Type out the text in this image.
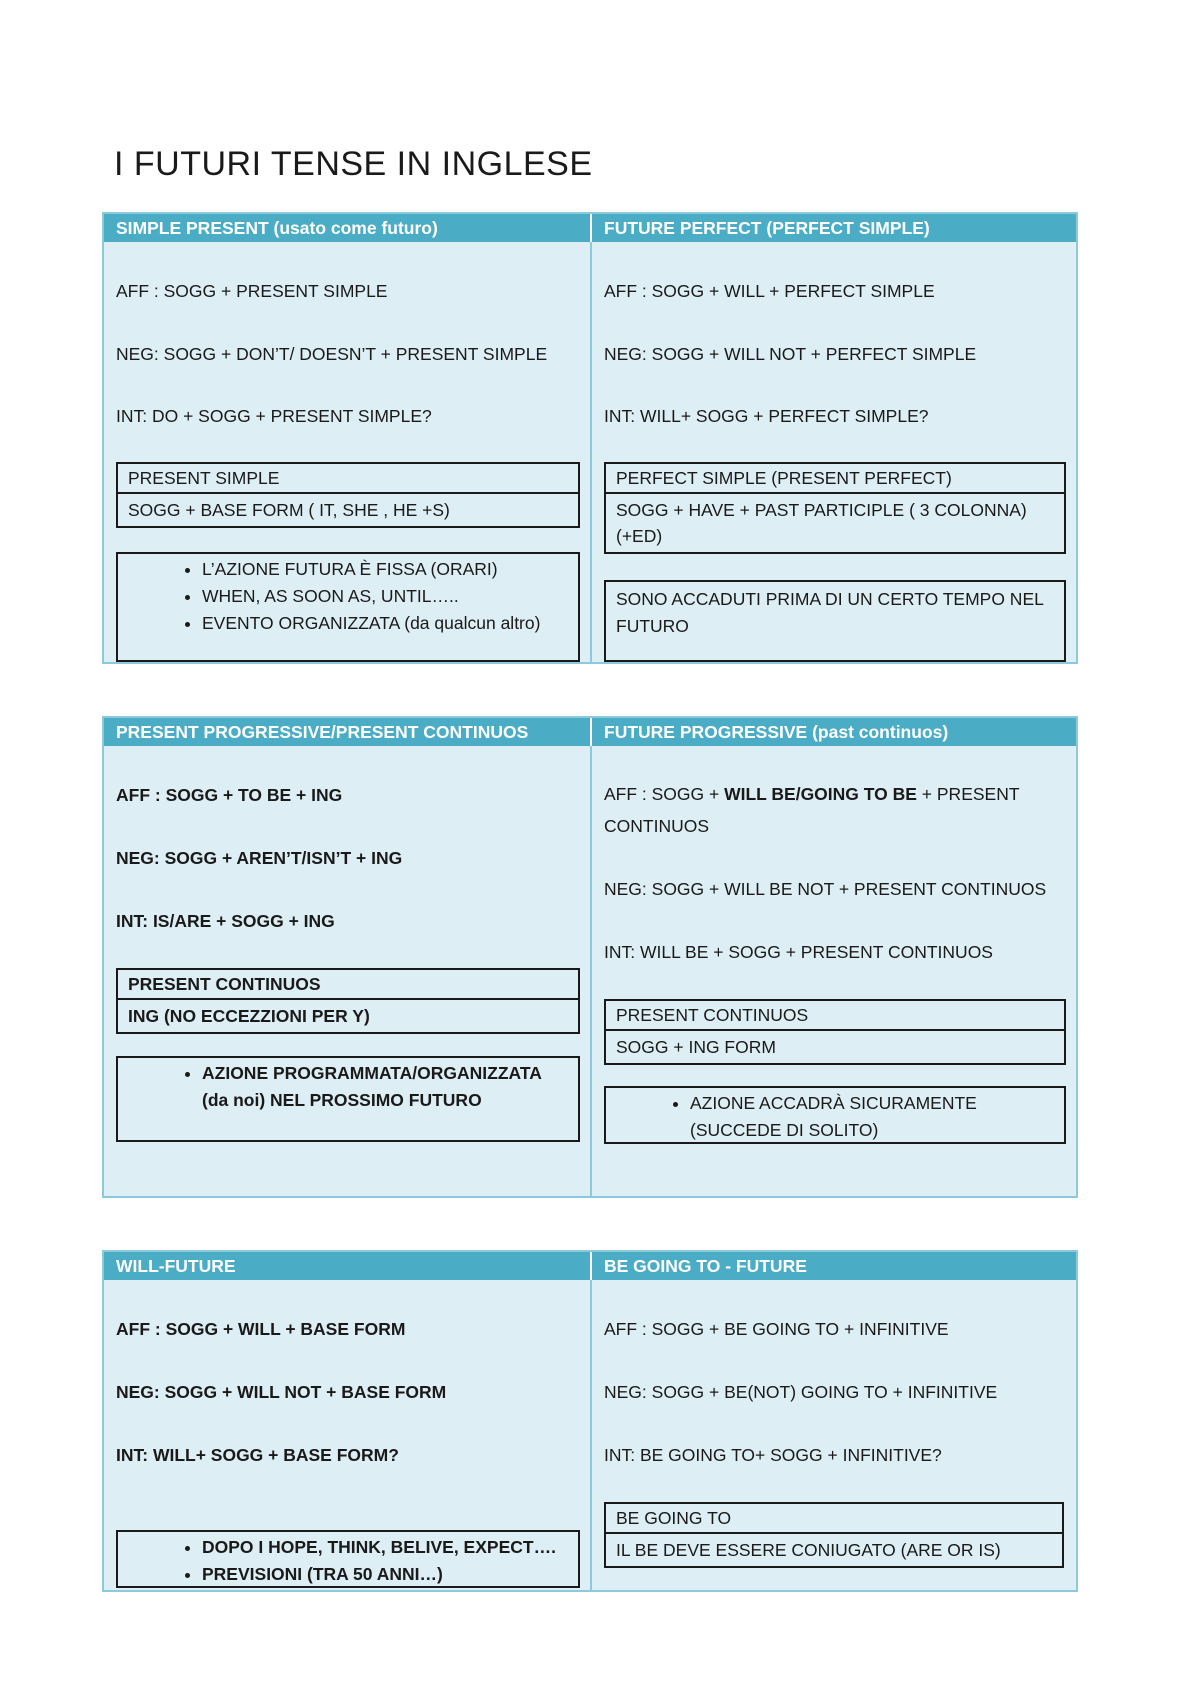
I FUTURI TENSE IN INGLESE
SIMPLE PRESENT (usato come futuro)	FUTURE PERFECT (PERFECT SIMPLE)
AFF : SOGG + PRESENT SIMPLE
NEG: SOGG + DON’T/ DOESN’T + PRESENT SIMPLE
INT: DO + SOGG + PRESENT SIMPLE?
PRESENT SIMPLE
SOGG + BASE FORM ( IT, SHE , HE +S)
• L’AZIONE FUTURA È FISSA (ORARI)
• WHEN, AS SOON AS, UNTIL…..
• EVENTO ORGANIZZATA (da qualcun altro)
AFF : SOGG + WILL + PERFECT SIMPLE
NEG: SOGG + WILL NOT + PERFECT SIMPLE
INT: WILL+ SOGG + PERFECT SIMPLE?
PERFECT SIMPLE (PRESENT PERFECT)
SOGG + HAVE + PAST PARTICIPLE ( 3 COLONNA) (+ED)
SONO ACCADUTI PRIMA DI UN CERTO TEMPO NEL FUTURO
PRESENT PROGRESSIVE/PRESENT CONTINUOS	FUTURE PROGRESSIVE (past continuos)
AFF : SOGG + TO BE + ING
NEG: SOGG + AREN’T/ISN’T + ING
INT: IS/ARE + SOGG + ING
PRESENT CONTINUOS
ING (NO ECCEZZIONI PER Y)
• AZIONE PROGRAMMATA/ORGANIZZATA (da noi) NEL PROSSIMO FUTURO
AFF : SOGG + WILL BE/GOING TO BE + PRESENT CONTINUOS
NEG: SOGG + WILL BE NOT + PRESENT CONTINUOS
INT: WILL BE + SOGG + PRESENT CONTINUOS
PRESENT CONTINUOS
SOGG + ING FORM
• AZIONE ACCADRÀ SICURAMENTE (SUCCEDE DI SOLITO)
WILL-FUTURE	BE GOING TO - FUTURE
AFF : SOGG + WILL + BASE FORM
NEG: SOGG + WILL NOT + BASE FORM
INT: WILL+ SOGG + BASE FORM?
• DOPO I HOPE, THINK, BELIVE, EXPECT….
• PREVISIONI (TRA 50 ANNI…)
AFF : SOGG + BE GOING TO + INFINITIVE
NEG: SOGG + BE(NOT) GOING TO + INFINITIVE
INT: BE GOING TO+ SOGG + INFINITIVE?
BE GOING TO
IL BE DEVE ESSERE CONIUGATO (ARE OR IS)
